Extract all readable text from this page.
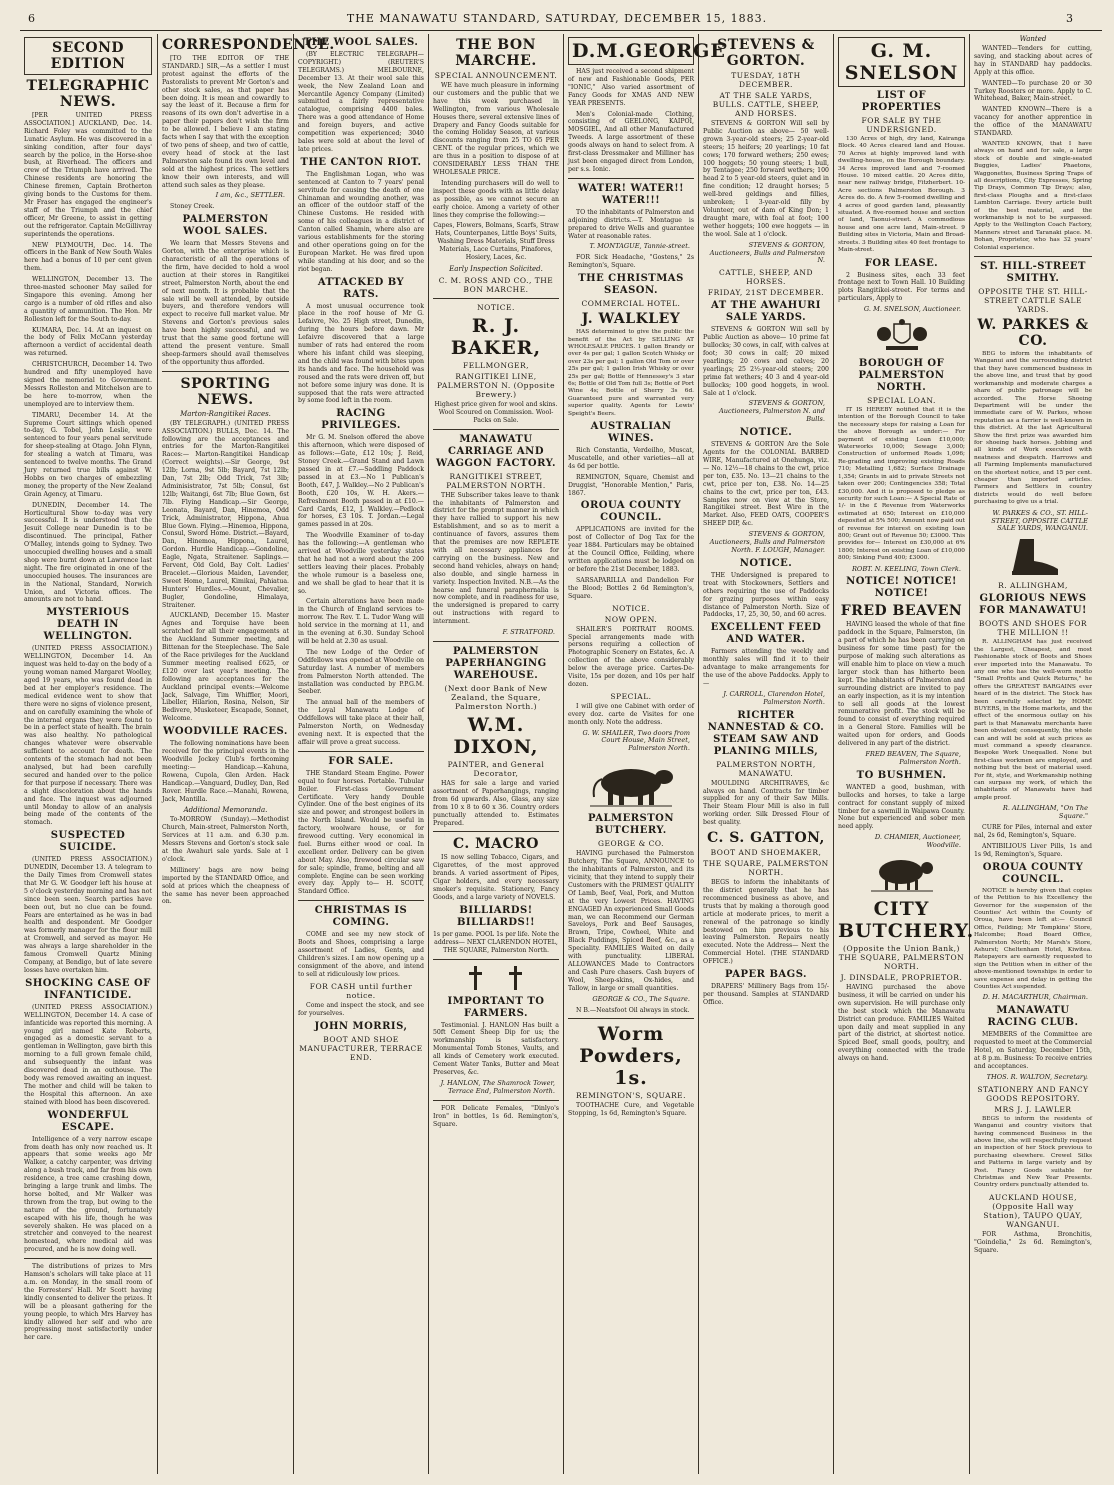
6	THE MANAWATU STANDARD, SATURDAY, DECEMBER 15, 1883.	3
SECOND EDITION
TELEGRAPHIC NEWS.

[PER UNITED PRESS ASSOCIATION.] AUCKLAND, Dec. 14. Richard Foley was committed to the Lunatic Asylum. He was discovered in a sinking condition, after four days' search by the police, in the Horse-shoe bush, at Riverhead. The officers and crew of the Triumph have arrived. The Chinese residents are honoring the Chinese firemen, Captain Brotherton giving bonds to the Customs for them. Mr Fraser has engaged the engineer's staff of the Triumph and the chief officer, Mr Greene, to assist in getting out the refrigerator. Captain McGillivray superintends the operations.

NEW PLYMOUTH, Dec. 14. The officers in the Bank of New South Wales here had a bonus of 10 per cent given them.

WELLINGTON, December 13. The three-masted schooner May sailed for Singapore this evening. Among her cargo is a number of old rifles and also a quantity of ammunition. The Hon. Mr Rolleston left for the South to-day.

KUMARA, Dec. 14. At an inquest on the body of Felix McCann yesterday afternoon a verdict of accidental death was returned.

CHRISTCHURCH, December 14. Two hundred and fifty unemployed have signed the memorial to Government. Messrs Rolleston and Mitchelson are to be here to-morrow, when the unemployed are to interview them.

TIMARU, December 14. At the Supreme Court sittings which opened to-day, G. Tobel, John Leslie, were sentenced to four years penal servitude for sheep-stealing at Otago. John Flynn, for stealing a watch at Timaru, was sentenced to twelve months. The Grand Jury returned true bills against W. Hobbs on two charges of embezzling money, the property of the New Zealand Grain Agency, at Timaru.

DUNEDIN, December 14. The Horticultural Show to-day was very successful. It is understood that the Jesuit College near Dunedin is to be discontinued. The principal, Father O'Malley, intends going to Sydney. Two unoccupied dwelling houses and a small shop were burnt down at Lawrence last night. The fire originated in one of the unoccupied houses. The insurances are in the National, Standard, Norwich Union, and Victoria offices. The amounts are not to hand.

MYSTERIOUS DEATH IN WELLINGTON.

(UNITED PRESS ASSOCIATION.) WELLINGTON, December 14. An inquest was held to-day on the body of a young woman named Margaret Woolley, aged 19 years, who was found dead in bed at her employer's residence. The medical evidence went to show that there were no signs of violence present, and on carefully examining the whole of the internal organs they were found to be in a perfect state of health. The brain was also healthy. No pathological changes whatever were observable sufficient to account for death. The contents of the stomach had not been analysed, but had been carefully secured and handed over to the police for that purpose if necessary. There was a slight discoloration about the hands and face. The inquest was adjourned until Monday to allow of an analysis being made of the contents of the stomach.

SUSPECTED SUICIDE.

(UNITED PRESS ASSOCIATION.) DUNEDIN, December 13. A telegram to the Daily Times from Cromwell states that Mr G. W. Goodger left his house at 5 o'clock yesterday morning and has not since been seen. Search parties have been out, but no clue can be found. Fears are entertained as he was in bad health and despondent. Mr Goodger was formerly manager for the flour mill at Cromwell, and served as mayor. He was always a large shareholder in the famous Cromwell Quartz Mining Company, at Bendigo, but of late severe losses have overtaken him.

SHOCKING CASE OF INFANTICIDE.

(UNITED PRESS ASSOCIATION.) WELLINGTON, December 14. A case of infanticide was reported this morning. A young girl named Kate Roberts, engaged as a domestic servant to a gentleman in Wellington, gave birth this morning to a full grown female child, and subsequently the infant was discovered dead in an outhouse. The body was removed awaiting an inquest. The mother and child will be taken to the Hospital this afternoon. An axe stained with blood has been discovered.

WONDERFUL ESCAPE.

Intelligence of a very narrow escape from death has only now reached us. It appears that some weeks ago Mr Walker, a catchy carpenter, was driving along a bush track, and far from his own residence, a tree came crashing down, bringing a large trunk and limbs. The horse bolted, and Mr Walker was thrown from the trap, but owing to the nature of the ground, fortunately escaped with his life, though he was severely shaken. He was placed on a stretcher and conveyed to the nearest homestead, where medical aid was procured, and he is now doing well.

The distributions of prizes to Mrs Hamson's scholars will take place at 11 a.m. on Monday, in the small room of the Forresters' Hall. Mr Scott having kindly consented to deliver the prizes. It will be a pleasant gathering for the young people, to which Mrs Harvey has kindly allowed her self and who are progressing most satisfactorily under her care.

CORRESPONDENCE.

[TO THE EDITOR OF THE STANDARD.] SIR,—As a settler I must protest against the efforts of the Pastoralists to prevent Mr Gorton's and other stock sales, as that paper has been doing. It is mean and cowardly to say the least of it. Because a firm for reasons of its own don't advertise in a paper their papers don't wish the firm to be allowed. I believe I am stating facts when I say that with the exception of two pens of sheep, and two of cattle, every head of stock at the last Palmerston sale found its own level and sold at the highest prices. The settlers know their own interests, and will attend such sales as they please.

I am, &c., SETTLER.

Stoney Creek.

PALMERSTON WOOL SALES.

We learn that Messrs Stevens and Gorton, with the enterprise which is characteristic of all the operations of the firm, have decided to hold a wool auction at their stores in Rangitikei street, Palmerston North, about the end of next month. It is probable that the sale will be well attended, by outside buyers, and therefore vendors will expect to receive full market value. Mr Stevens and Gorton's previous sales have been highly successful, and we trust that the same good fortune will attend the present venture. Small sheep-farmers should avail themselves of the opportunity thus afforded.

SPORTING NEWS.
Marton-Rangitikei Races.

(BY TELEGRAPH.) (UNITED PRESS ASSOCIATION.) BULLS, Dec. 14. The following are the acceptances and entries for the Marton-Rangitikei Races:— Marton-Rangitikei Handicap (Correct weights).—Sir George, 9st 12lb; Lorna, 9st 5lb; Bayard, 7st 12lb; Dan, 7st 2lb; Odd Trick, 7st 3lb; Adminisistrator, 7st 5lb; Consul, 6st 12lb; Waitangi, 6st 7lb; Blue Gown, 6st 7lb. Flying Handicap.—Sir George, Leonata, Bayard, Dan, Hinemoa, Odd Trick, Administrator, Hippona, Ahua Blue Gown. Flying.—Hinemoa, Hippona, Consul, Sword Home. District.—Bayard, Dan, Hinemoa, Hippona, Laurel, Gordon. Hurdle Handicap.—Gondoline, Eagle, Ngata, Straitener. Saplings.—Fervent, Old Gold, Bay Colt. Ladies' Bracelet.—Glorious Maiden, Lavender, Sweet Home, Laurel, Kimikai, Pahiatua. Hunters' Hurdles.—Mount, Chevalier, Bugler, Gondoline, Himalaya, Straitener.

AUCKLAND, December 15. Master Agnes and Torquise have been scratched for all their engagements at the Auckland Summer meeting, and Bittenan for the Steeplechase. The Sale of the Race privileges for the Auckland Summer meeting realised £625, or £120 over last year's meeting. The following are acceptances for the Auckland principal events:—Welcome Jack, Salvage, Tim Whiffler, Moori, Libeller, Hilarion, Rosina, Nelson, Sir Bedivere, Musketeer, Escapade, Sonnet, Welcome.

WOODVILLE RACES.

The following nominations have been received for the principal events in the Woodville Jockey Club's forthcoming meeting:— Handicap.—Kahuna, Rowena, Cupola, Glen Arden. Hack Handicap.—Vanguard, Dudley, Dan, Red Rover. Hurdle Race.—Manahi, Rowena, Jack, Mantilla.

Additional Memoranda.

To-MORROW (Sunday).—Methodist Church, Main-street, Palmerston North, Services at 11 a.m. and 6.30 p.m. Messrs Stevens and Gorton's stock sale at the Awahuri sale yards. Sale at 1 o'clock.

Millinery' bags are now being imported by the STANDARD Office, and sold at prices which the cheapness of the same has never been approached on.

THE WOOL SALES.

(BY ELECTRIC TELEGRAPH—COPYRIGHT.) (REUTER'S TELEGRAMS.) MELBOURNE, December 13. At their wool sale this week, the New Zealand Loan and Mercantile Agency Company (Limited) submitted a fairly representative catalogue, comprising 4400 bales. There was a good attendance of Home and foreign buyers, and active competition was experienced; 3040 bales were sold at about the level of late prices.

THE CANTON RIOT.

The Englishman Logan, who was sentenced at Canton to 7 years' penal servitude for causing the death of one Chinaman and wounding another, was an officer of the outdoor staff of the Chinese Customs. He resided with some of his colleagues in a district of Canton called Shamin, where also are various establishments for the storing and other operations going on for the European Market. He was fired upon while standing at his door, and so the riot began.

ATTACKED BY RATS.

A most unusual occurrence took place in the roof house of Mr G. Lefaivre, No. 25 High street, Dunedin, during the hours before dawn. Mr Lefaivre discovered that a large number of rats had entered the room where his infant child was sleeping, and the child was found with bites upon its hands and face. The household was roused and the rats were driven off, but not before some injury was done. It is supposed that the rats were attracted by some food left in the room.

RACING PRIVILEGES.

Mr G. M. Snelson offered the above this afternoon, which were disposed of as follows:—Gate, £12 10s; J. Reid, Stoney Creek.—Grand Stand and Lawn passed in at £7.—Saddling Paddock passed in at £3.—No 1 Publican's Booth, £47, J. Walkley.—No 2 Publican's Booth, £20 10s, W. H. Akers.—Refreshment Booth passed in at £10.—Card Cards, £12, J. Walkley.—Pedlock for horses, £3 10s. T. Jordan.—Legal games passed in at 20s.

The Woodville Examiner of to-day has the following:—A gentleman who arrived at Woodville yesterday states that he had not a word about the 200 settlers leaving their places. Probably the whole rumour is a baseless one, and we shall be glad to hear that it is so.

Certain alterations have been made in the Church of England services to-morrow. The Rev. T. L. Tudor Wang will hold service in the morning at 11, and in the evening at 6.30. Sunday School will be held at 2.30 as usual.

The new Lodge of the Order of Oddfellows was opened at Woodville on Saturday last. A number of members from Palmerston North attended. The installation was conducted by P.P.G.M. Seeber.

The annual ball of the members of the Loyal Manawatu Lodge of Oddfellows will take place at their hall, Palmerston North, on Wednesday evening next. It is expected that the affair will prove a great success.

FOR SALE.

THE Standard Steam Engine. Power equal to four horses. Portable. Tubular Boiler. First-class Government Certificate. Very handy Double Cylinder. One of the best engines of its size and power, and strongest boilers in the North Island. Would be useful in factory, woolware house, or for firewood cutting. Very economical in fuel. Burns either wood or coal. In excellent order. Delivery can be given about May. Also, firewood circular saw for sale; spindle, frame, belting and all complete. Engine can be seen working every day. Apply to— H. SCOTT, Standard Office.

CHRISTMAS IS COMING.

COME and see my new stock of Boots and Shoes, comprising a large assortment of Ladies, Gents, and Children's sizes. I am now opening up a consignment of the above, and intend to sell at ridiculously low prices.

FOR CASH until further notice.

Come and inspect the stock, and see for yourselves.

JOHN MORRIS,
BOOT AND SHOE MANUFACTURER, TERRACE END.
THE BON MARCHE.
SPECIAL ANNOUNCEMENT.

WE have much pleasure in informing our customers and the public that we have this week purchased in Wellington, from various Wholesale Houses there, several extensive lines of Drapery and Fancy Goods suitable for the coming Holiday Season, at various discounts ranging from 25 TO 65 PER CENT. of the regular prices, which we are thus in a position to dispose of at CONSIDERABLY LESS THAN THE WHOLESALE PRICE.

Intending purchasers will do well to inspect these goods with as little delay as possible, as we cannot secure an early choice. Among a variety of other lines they comprise the following:—

Capes, Flowers, Bolmans, Scarfs, Straw Hats, Counterpanes, Little Boys' Suits, Washing Dress Materials, Stuff Dress Materials, Lace Curtains, Pinafores, Hosiery, Laces, &c.

Early Inspection Solicited.
C. M. ROSS AND CO., THE BON MARCHE.
NOTICE.
R. J. BAKER,
FELLMONGER,
RANGITIKEI LINE, PALMERSTON N. (Opposite Brewery.)

Highest price given for wool and skins. Wool Scoured on Commission. Wool-Packs on Sale.

MANAWATU CARRIAGE AND WAGGON FACTORY.
RANGITIKEI STREET, PALMERSTON NORTH.

THE Subscriber takes leave to thank the inhabitants of Palmerston and district for the prompt manner in which they have rallied to support his new Establishment, and so as to merit a continuance of favors, assures them that the premises are now REPLETE with all necessary appliances for carrying on the business. New and second hand vehicles, always on hand; also double, and single harness in variety. Inspection Invited. N.B.—As the hearse and funeral paraphernalia is now complete, and in readiness for use, the undersigned is prepared to carry out instructions with regard to internment.

F. STRATFORD.
PALMERSTON PAPERHANGING WAREHOUSE.
(Next door Bank of New Zealand, the Square, Palmerston North.)
W.M. DIXON,
PAINTER, and General Decorator,

HAS for sale a large and varied assortment of Paperhangings, ranging from 6d upwards. Also, Glass, any size from 10 x 8 to 60 x 36. Country orders punctually attended to. Estimates Prepared.

C. MACRO

IS now selling Tobacco, Cigars, and Cigarettes, of the most approved brands. A varied assortment of Pipes, Cigar holders, and every necessary smoker's requisite. Stationery, Fancy Goods, and a large variety of NOVELS.

BILLIARDS! BILLIARDS!!

1s per game. POOL 1s per life. Note the address— NEXT CLARENDON HOTEL, THE SQUARE, Palmerston North.

IMPORTANT TO FARMERS.

Testimonial. J. HANLON Has built a 50ft Cement Sheep Dip for us; the workmanship is satisfactory. Monumental Tomb Stones, Vaults, and all kinds of Cemetery work executed. Cement Water Tanks, Butter and Meat Preserves, &c.

J. HANLON, The Shamrock Tower, Terrace End, Palmerston North.

FOR Delicate Females, "Dinlyo's Iron" in bottles, 1s 6d. Remington's, Square.

D.M.GEORGE

HAS just received a second shipment of new and Fashionable Goods, PER "IONIC," Also varied assortment of Fancy Goods for XMAS AND NEW YEAR PRESENTS.

Men's Colonial-made Clothing, consisting of GEELONG, KAIPOI, MOSGIEL, And all other Manufactured Tweeds. A large assortment of these goods always on hand to select from. A first-class Dressmaker and Milliner has just been engaged direct from London, per s.s. Ionic.

WATER! WATER!! WATER!!!

TO the inhabitants of Palmerston and adjoining districts.—T. Montague is prepared to drive Wells and guarantee Water at reasonable rates.

T. MONTAGUE, Tannie-street.

FOR Sick Headache, "Gostens," 2s Remington's, Square.

THE CHRISTMAS SEASON.
COMMERCIAL HOTEL.
J. WALKLEY

HAS determined to give the public the benefit of the Act by SELLING AT WHOLESALE PRICES. 1 gallon Brandy or over 4s per gal; 1 gallon Scotch Whisky or over 23s per gal; 1 gallon Old Tom or over 25s per gal; 1 gallon Irish Whisky or over 25s per gal; Bottle of Hennessey's 3 star 6s; Bottle of Old Tom full 3s; Bottle of Port Wine 4s; Bottle of Sherry 3s 6d. Guaranteed pure and warranted very superior quality. Agents for Lewis' Speight's Beers.

AUSTRALIAN WINES.

Rich Constantia, Verdeilho, Muscat, Muscatelle, and other varieties—all at 4s 6d per bottle.

REMINGTON, Square, Chemist and Druggist, "Honorable Mention," Paris, 1867.

OROUA COUNTY COUNCIL.

APPLICATIONS are invited for the post of Collector of Dog Tax for the year 1884. Particulars may be obtained at the Council Office, Feilding, where written applications must be lodged on or before the 21st December, 1883.

SARSAPARILLA and Dandelion For the Blood; Bottles 2 6d Remington's, Square.

NOTICE.
NOW OPEN.

SHAILER'S PORTRAIT ROOMS. Special arrangements made with persons requiring a collection of Photographic Scenery on Estates, &c. A collection of the above considerably below the average price. Cartes-De-Visite, 15s per dozen, and 10s per half dozen.

SPECIAL.

I will give one Cabinet with order of every doz. carte de Visites for one month only. Note the address.

G. W. SHAILER, Two doors from Court House, Main Street, Palmerston North.
PALMERSTON BUTCHERY.
GEORGE & CO.

HAVING purchased the Palmerston Butchery, The Square, ANNOUNCE to the inhabitants of Palmerston, and its vicinity, that they intend to supply their Customers with the PRIMEST QUALITY Of Lamb, Beef, Veal, Pork, and Mutton at the very Lowest Prices. HAVING ENGAGED An experienced Small Goods man, we can Recommend our German Saveloys, Pork and Beef Sausages, Brawn, Tripe, Cowheel, White and Black Puddings, Spiced Beef, &c., as a Speciality. FAMILIES Waited on daily with punctuality. LIBERAL ALLOWANCES Made to Contractors and Cash Pure chasers. Cash buyers of Wool, Sheep-skins, Ox-hides, and Tallow, in large or small quantities.

GEORGE & CO., The Square.

N B.—Neatsfoot Oil always in stock.

Worm Powders, 1s.
REMINGTON'S, SQUARE.

TOOTHACHE Cure, and Vegetable Stopping, 1s 6d, Remington's Square.

STEVENS & GORTON.
TUESDAY, 18TH DECEMBER.
AT THE SALE YARDS, BULLS. CATTLE, SHEEP, AND HORSES.

STEVENS & GORTON Will sell by Public Auction as above— 50 well-grown 3-year-old steers; 25 2-year-old steers; 15 heifers; 20 yearlings; 10 fat cows; 170 forward wethers; 250 ewes; 100 hoggets; 50 young steers; 1 bull, by Tentagee; 250 forward wethers; 100 head 2 to 5 year-old steers, quiet and in fine condition; 12 draught horses; 5 well-bred geldings and fillies, unbroken; 1 3-year-old filly by Volunteer, out of dam of King Don; 1 draught mare, with foal at foot; 100 wether hoggets; 100 ewe hoggets — in the wool. Sale at 1 o'clock.

STEVENS & GORTON, Auctioneers, Bulls and Palmerston N.
CATTLE, SHEEP, AND HORSES.
FRIDAY, 21ST DECEMBER.
AT THE AWAHURI SALE YARDS.

STEVENS & GORTON Will sell by Public Auction as above— 10 prime fat bullocks; 30 cows, in calf, with calves at foot; 30 cows in calf; 20 mixed yearlings; 20 cows and calves; 20 yearlings; 25 2½-year-old steers; 200 prime fat wethers; 40 3 and 4 year-old bullocks; 100 good hoggets, in wool. Sale at 1 o'clock.

STEVENS & GORTON, Auctioneers, Palmerston N. and Bulls.
NOTICE.

STEVENS & GORTON Are the Sole Agents for the COLONIAL BARBED WIRE, Manufactured at Onehunga, viz.— No. 12½—18 chains to the cwt, price per ton, £35. No. 13—21 chains to the cwt, price per ton, £38. No. 14—25 chains to the cwt, price per ton, £43. Samples now on view at the Store, Rangitikei street. Best Wire in the Market. Also, FEED OATS, COOPER'S SHEEP DIP, &c.

STEVENS & GORTON, Auctioneers, Bulls and Palmerston North. F. LOUGH, Manager.
NOTICE.

THE Undersigned is prepared to treat with Stockowners, Settlers and others requiring the use of Paddocks for grazing purposes within easy distance of Palmerston North. Size of Paddocks, 17, 25, 30, 50, and 60 acres.

EXCELLENT FEED AND WATER.

Farmers attending the weekly and monthly sales will find it to their advantage to make arrangements for the use of the above Paddocks. Apply to—

J. CARROLL, Clarendon Hotel, Palmerston North.
RICHTER NANNESTAD & CO. STEAM SAW AND PLANING MILLS,
PALMERSTON NORTH, MANAWATU.

MOULDING ARCHITRAVES, &c always on hand. Contracts for timber supplied for any of their Saw Mills. Their Steam Flour Mill is also in full working order. Silk Dressed Flour of best quality.

C. S. GATTON,
BOOT AND SHOEMAKER,
THE SQUARE, PALMERSTON NORTH.

BEGS to inform the inhabitants of the district generally that he has recommenced business as above, and trusts that by making a thorough good article at moderate prices, to merit a renewal of the patronage so kindly bestowed on him previous to his leaving Palmerston. Repairs neatly executed. Note the Address— Next the Commercial Hotel. (THE STANDARD OFFICE.)

PAPER BAGS.

DRAPERS' Millinery Bags from 15/- per thousand. Samples at STANDARD Office.

G. M. SNELSON
LIST OF PROPERTIES
FOR SALE BY THE UNDERSIGNED.

130 Acres of high, dry land, Kairanga Block. 40 Acres cleared land and House. 70 Acres at highly improved land with dwelling-house, on the Borough boundary. 34 Acres improved land and 7-roomed House. 10 mixed cattle. 20 Acres ditto, near new railway bridge, Fitzherbert. 10-Acre sections Palmerston Borough. 3 Acres do. do. A few 5-roomed dwelling and 4 acres of good garden land, pleasantly situated. A five-roomed house and section of land, Taonui-street. A commodious house and one acre land, Main-street. 9 Building sites in Victoria, Main and Broad-streets. 3 Building sites 40 feet frontage to Main-street.

FOR LEASE.

2 Business sites, each 33 feet frontage next to Town Hall. 10 Building plots Rangitikei-street. For terms and particulars, Apply to

G. M. SNELSON, Auctioneer.
BOROUGH OF PALMERSTON NORTH.
SPECIAL LOAN.

IT IS HEREBY notified that it is the intention of the Borough Council to take the necessary steps for raising a Loan for the above Borough as under:— For payment of existing Loan £10,000; Waterworks 10,000; Sewage 3,000; Construction of unformed Roads 1,096; Re-grading and improving existing Roads 710; Metalling 1,682; Surface Drainage 1,354; Grants in aid to private Streets not taken over 200; Contingencies 358; Total £30,000. And it is proposed to pledge as security for such Loan:— A Special Rate of 1/- in the £ Revenue from Waterworks estimated at 650; Interest on £10,000 deposited at 5% 500; Amount now paid out of revenue for interest on existing loan 800; Grant out of Revenue 50; £3000. This provides for— Interest on £30,000 at 6% 1800; Interest on existing Loan of £10,000 800; Sinking Fund 400; £3000.

ROBT. N. KEELING, Town Clerk.
NOTICE! NOTICE! NOTICE!
FRED BEAVEN

HAVING leased the whole of that fine paddock in the Square, Palmerston, (in a part of which he has been carrying on business for some time past) for the purpose of making such alterations as will enable him to place on view a much larger stock than has hitherto been kept. The inhabitants of Palmerston and surrounding district are invited to pay an early inspection, as it is my intention to sell all goods at the lowest remunerative profit. The stock will be found to consist of everything required in a General Store. Families will be waited upon for orders, and Goods delivered in any part of the district.

FRED BEAVEN, The Square, Palmerston North.
TO BUSHMEN.

WANTED a good, bushman, with bullocks and horses, to take a large contract for constant supply of mixed timber for a sawmill in Waipawa County. None but experienced and sober men need apply.

D. CHAMIER, Auctioneer, Woodville.
CITY BUTCHERY.
(Opposite the Union Bank,) THE SQUARE, PALMERSTON NORTH.
J. DINSDALE, PROPRIETOR.

HAVING purchased the above business, it will be carried on under his own supervision. He will purchase only the best stock which the Manawatu District can produce. FAMILIES Waited upon daily and meat supplied in any part of the district, at shortest notice. Spiced Beef, small goods, poultry, and everything connected with the trade always on hand.

Wanted

WANTED—Tenders for cutting, saving, and stacking about acres of hay in STANDARD hay paddocks. Apply at this office.

WANTED—To purchase 20 or 30 Turkey Roosters or more. Apply to C. Whitehead, Baker, Main-street.

WANTED KNOWN—There is a vacancy for another apprentice in the office of the MANAWATU STANDARD.

WANTED KNOWN, that I have always on hand and for sale, a large stock of double and single-seated Buggies, Ladies' Phaetons, Waggonettes, Business Spring Traps of all descriptions, City Expresses, Spring Tip Drays, Common Tip Drays; also, first-class Ploughs and a first-class Lambton Carriage. Every article built of the best material, and the workmanship is not to be surpassed. Apply to the Wellington Coach Factory, Manners street and Taranaki place. M. Bohan, Proprietor, who has 32 years' Colonial experience.

ST. HILL-STREET SMITHY.
OPPOSITE THE ST. HILL-STREET CATTLE SALE YARDS.
W. PARKES & CO.

BEG to inform the inhabitants of Wanganui and the surrounding district that they have commenced business in the above line, and trust that by good workmanship and moderate charges a share of public patronage will be accorded. The Horse Shoeing Department will be under the immediate care of W. Parkes, whose reputation as a farrier is well-known in this district. At the last Agricultural Show the first prize was awarded him for shoeing hack horses. Jobbing and all kinds of Work executed with neatness and despatch. Harrows and all Farming Implements manufactured on the shortest notice, and 15 per cent. cheaper than imported articles. Farmers and Settlers in country districts would do well before purchasing to give us a trial.

W. PARKES & CO., ST. HILL-STREET, OPPOSITE CATTLE SALE YARDS, WANGANUI.
R. ALLINGHAM,
GLORIOUS NEWS FOR MANAWATU!
BOOTS AND SHOES FOR THE MILLION !!

R. ALLINGHAM has just received the Largest, Cheapest, and most Fashionable stock of Boots and Shoes ever imported into the Manawatu. To any one who has the well-worn motto "Small Profits and Quick Returns," he offers the GREATEST BARGAINS ever heard of in the district. The Stock has been carefully selected by HOME BUYERS, in the Home markets, and the effect of the enormous outlay on his part is that Manawatu merchants have been obviated; consequently, the whole can and will be sold at such prices as must command a speedy clearance. Bespoke Work Unequalled. None but first-class workmen are employed, and nothing but the best of material used. For fit, style, and Workmanship nothing can surpass my work, of which the inhabitants of Manawatu have had ample proof.

R. ALLINGHAM, "On The Square."

CURE for Piles, internal and exter nal, 2s 6d, Remington's, Square.

ANTIBILIOUS Liver Pills, 1s and 1s 9d, Remington's, Square.

OROUA COUNTY COUNCIL.

NOTICE is hereby given that copies of the Petition to his Excellency the Governor for the suspension of the Counties' Act within the County of Oroua, have been left at:— Council Office, Feilding; Mr Tompkins' Store, Halcombe; Road Board Office, Palmerston North; Mr Marsh's Store, Ashurst; Cheltenham Hotel, Kiwitea. Ratepayers are earnestly requested to sign the Petition when in either of the above-mentioned townships in order to save expense and delay in getting the Counties Act suspended.

D. H. MACARTHUR, Chairman.
MANAWATU RACING CLUB.

MEMBERS of the Committee are requested to meet at the Commercial Hotel, on Saturday, December 15th, at 8 p.m. Business: To receive entries and acceptances.

THOS. R. WALTON, Secretary.
STATIONERY AND FANCY GOODS REPOSITORY.
MRS J. J. LAWLER

BEGS to inform the residents of Wanganui and country visitors that having commenced Business in the above line, she will respectfully request an inspection of her Stock previous to purchasing elsewhere. Crewel Silks and Patterns in large variety and by Post. Fancy Goods suitable for Christmas and New Year Presents. Country orders punctually attended to.

AUCKLAND HOUSE, (Opposite Hall way Station), TAUPO QUAY, WANGANUI.

FOR Asthma, Bronchitis, "Goindelia," 2s 6d. Remington's, Square.
